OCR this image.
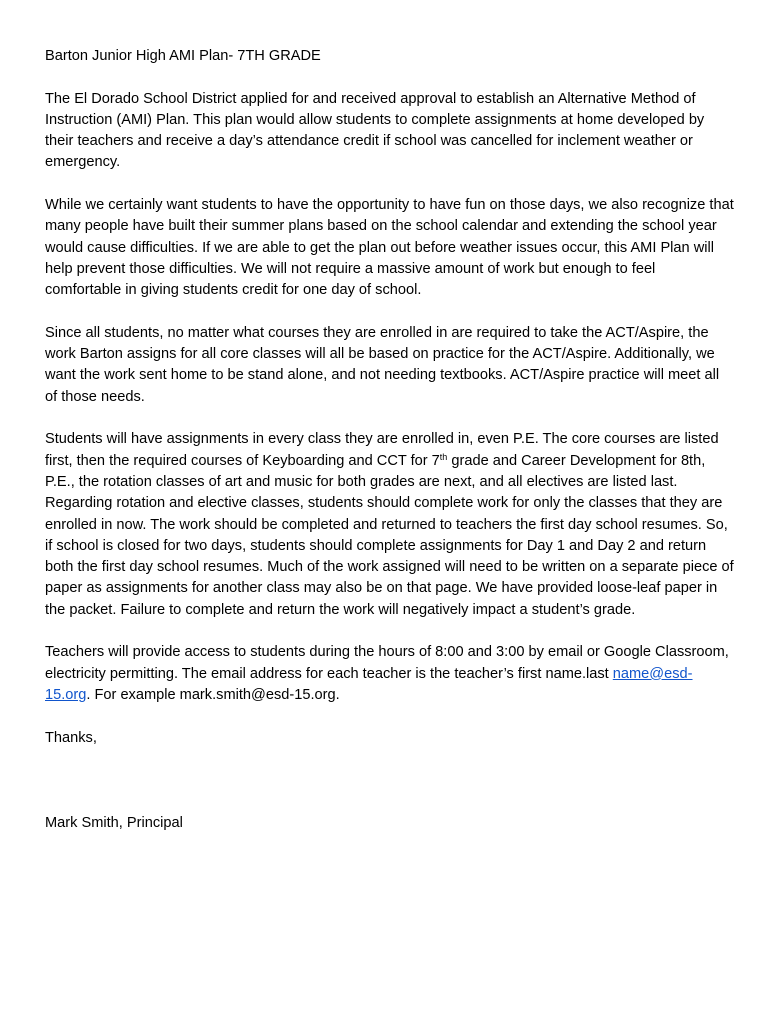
Barton Junior High AMI Plan- 7TH GRADE

The El Dorado School District applied for and received approval to establish an Alternative Method of Instruction (AMI) Plan. This plan would allow students to complete assignments at home developed by their teachers and receive a day’s attendance credit if school was cancelled for inclement weather or emergency.

While we certainly want students to have the opportunity to have fun on those days, we also recognize that many people have built their summer plans based on the school calendar and extending the school year would cause difficulties. If we are able to get the plan out before weather issues occur, this AMI Plan will help prevent those difficulties. We will not require a massive amount of work but enough to feel comfortable in giving students credit for one day of school.

Since all students, no matter what courses they are enrolled in are required to take the ACT/Aspire, the work Barton assigns for all core classes will all be based on practice for the ACT/Aspire. Additionally, we want the work sent home to be stand alone, and not needing textbooks. ACT/Aspire practice will meet all of those needs.

Students will have assignments in every class they are enrolled in, even P.E. The core courses are listed first, then the required courses of Keyboarding and CCT for 7th grade and Career Development for 8th, P.E., the rotation classes of art and music for both grades are next, and all electives are listed last. Regarding rotation and elective classes, students should complete work for only the classes that they are enrolled in now. The work should be completed and returned to teachers the first day school resumes. So, if school is closed for two days, students should complete assignments for Day 1 and Day 2 and return both the first day school resumes. Much of the work assigned will need to be written on a separate piece of paper as assignments for another class may also be on that page. We have provided loose-leaf paper in the packet. Failure to complete and return the work will negatively impact a student’s grade.

Teachers will provide access to students during the hours of 8:00 and 3:00 by email or Google Classroom, electricity permitting. The email address for each teacher is the teacher’s first name.last name@esd-15.org. For example mark.smith@esd-15.org.

Thanks,

Mark Smith, Principal
